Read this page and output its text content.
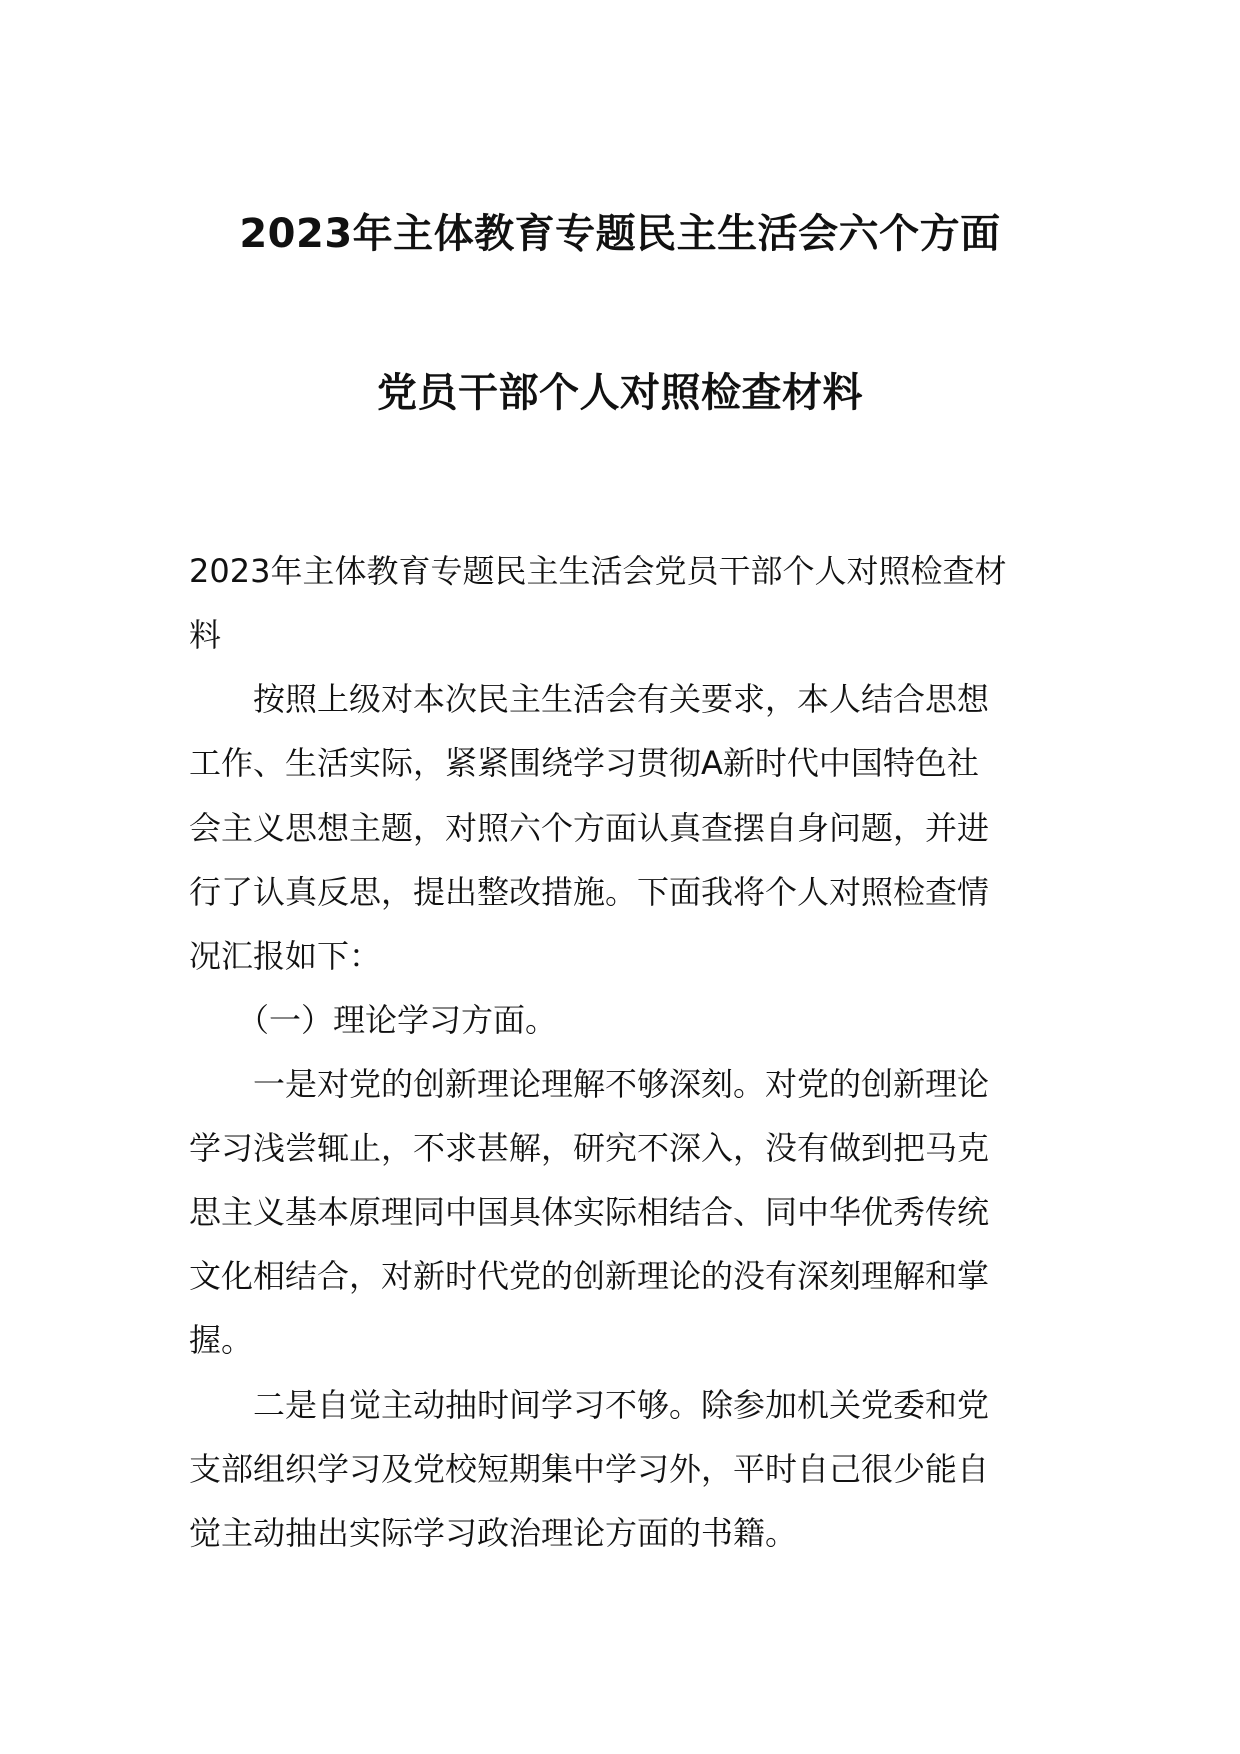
2023年主体教育专题民主生活会六个方面
党员干部个人对照检查材料
2023年主体教育专题民主生活会党员干部个人对照检查材
料
　　按照上级对本次民主生活会有关要求，本人结合思想
工作、生活实际，紧紧围绕学习贯彻A新时代中国特色社
会主义思想主题，对照六个方面认真查摆自身问题，并进
行了认真反思，提出整改措施。下面我将个人对照检查情
况汇报如下：
　　（一）理论学习方面。
　　一是对党的创新理论理解不够深刻。对党的创新理论
学习浅尝辄止，不求甚解，研究不深入，没有做到把马克
思主义基本原理同中国具体实际相结合、同中华优秀传统
文化相结合，对新时代党的创新理论的没有深刻理解和掌
握。
　　二是自觉主动抽时间学习不够。除参加机关党委和党
支部组织学习及党校短期集中学习外，平时自己很少能自
觉主动抽出实际学习政治理论方面的书籍。
